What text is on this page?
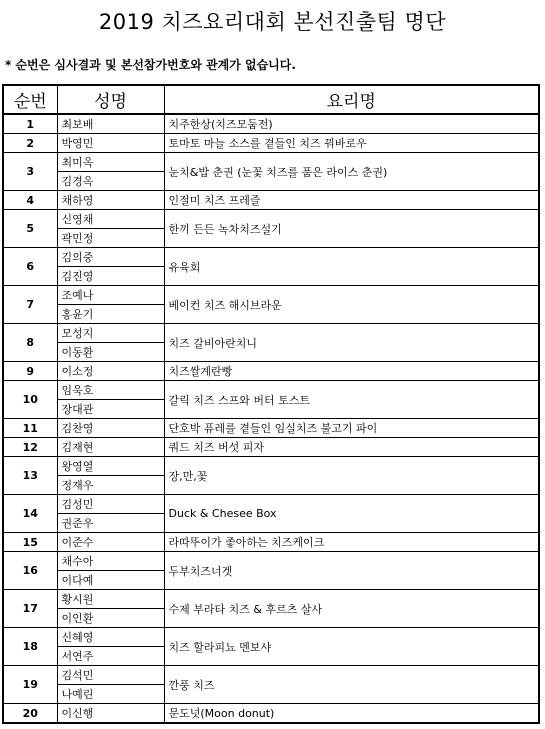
2019 치즈요리대회 본선진출팀 명단
* 순번은 심사결과 및 본선참가번호와 관계가 없습니다.
순번	성명	요리명
1	최보배	치주한상(치즈모둠전)
2	박영민	토마토 마늘 소스를 곁들인 치즈 꿔바로우
3	최미옥	눈치&밥 춘권 (눈꽃 치즈를 품은 라이스 춘권)
	김경옥	
4	채하영	인절미 치즈 프레즐
5	신영채	한끼 든든 녹차치즈설기
	곽민정	
6	김의중	유육회
	김진영	
7	조예나	베이컨 치즈 해시브라운
	홍윤기	
8	모성지	치즈 갈비아란치니
	이동환	
9	이소정	치즈쌀계란빵
10	임욱호	갈릭 치즈 스프와 버터 토스트
	장대관	
11	김찬영	단호박 퓨레를 곁들인 임실치즈 불고기 파이
12	김재현	쿼드 치즈 버섯 피자
13	왕영열	장,만,꽃
	정재우	
14	김성민	Duck & Chesee Box
	권준우	
15	이준수	라따뚜이가 좋아하는 치즈케이크
16	채수아	두부치즈너겟
	이다예	
17	황시원	수제 부라타 치즈 & 후르츠 살사
	이인환	
18	신혜영	치즈 할라피뇨 멘보샤
	서연주	
19	김석민	깐풍 치즈
	나예린	
20	이신행	문도넛(Moon donut)
